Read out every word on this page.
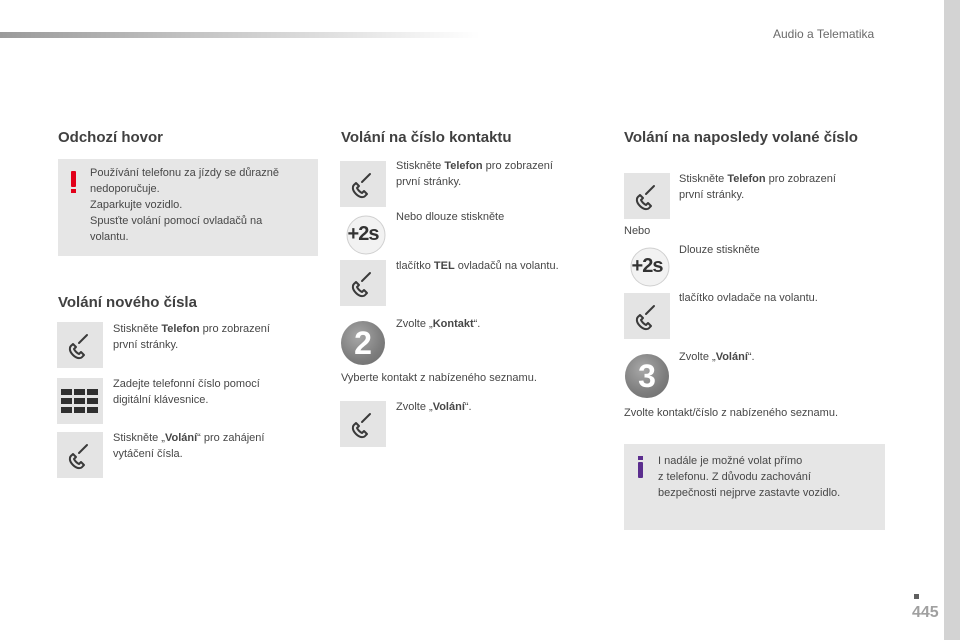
Audio a Telematika
445
Odchozí hovor
Používání telefonu za jízdy se důrazně
nedoporučuje.
Zaparkujte vozidlo.
Spusťte volání pomocí ovladačů na
volantu.
Volání nového čísla
Stiskněte Telefon pro zobrazení
první stránky.
Zadejte telefonní číslo pomocí
digitální klávesnice.
Stiskněte „Volání“ pro zahájení
vytáčení čísla.
Volání na číslo kontaktu
Stiskněte Telefon pro zobrazení
první stránky.
+2s
Nebo dlouze stiskněte
tlačítko TEL ovladačů na volantu.
2
Zvolte „Kontakt“.
Vyberte kontakt z nabízeného seznamu.
Zvolte „Volání“.
Volání na naposledy volané číslo
Stiskněte Telefon pro zobrazení
první stránky.
Nebo
+2s
Dlouze stiskněte
tlačítko ovladače na volantu.
3
Zvolte „Volání“.
Zvolte kontakt/číslo z nabízeného seznamu.
I nadále je možné volat přímo
z telefonu. Z důvodu zachování
bezpečnosti nejprve zastavte vozidlo.
